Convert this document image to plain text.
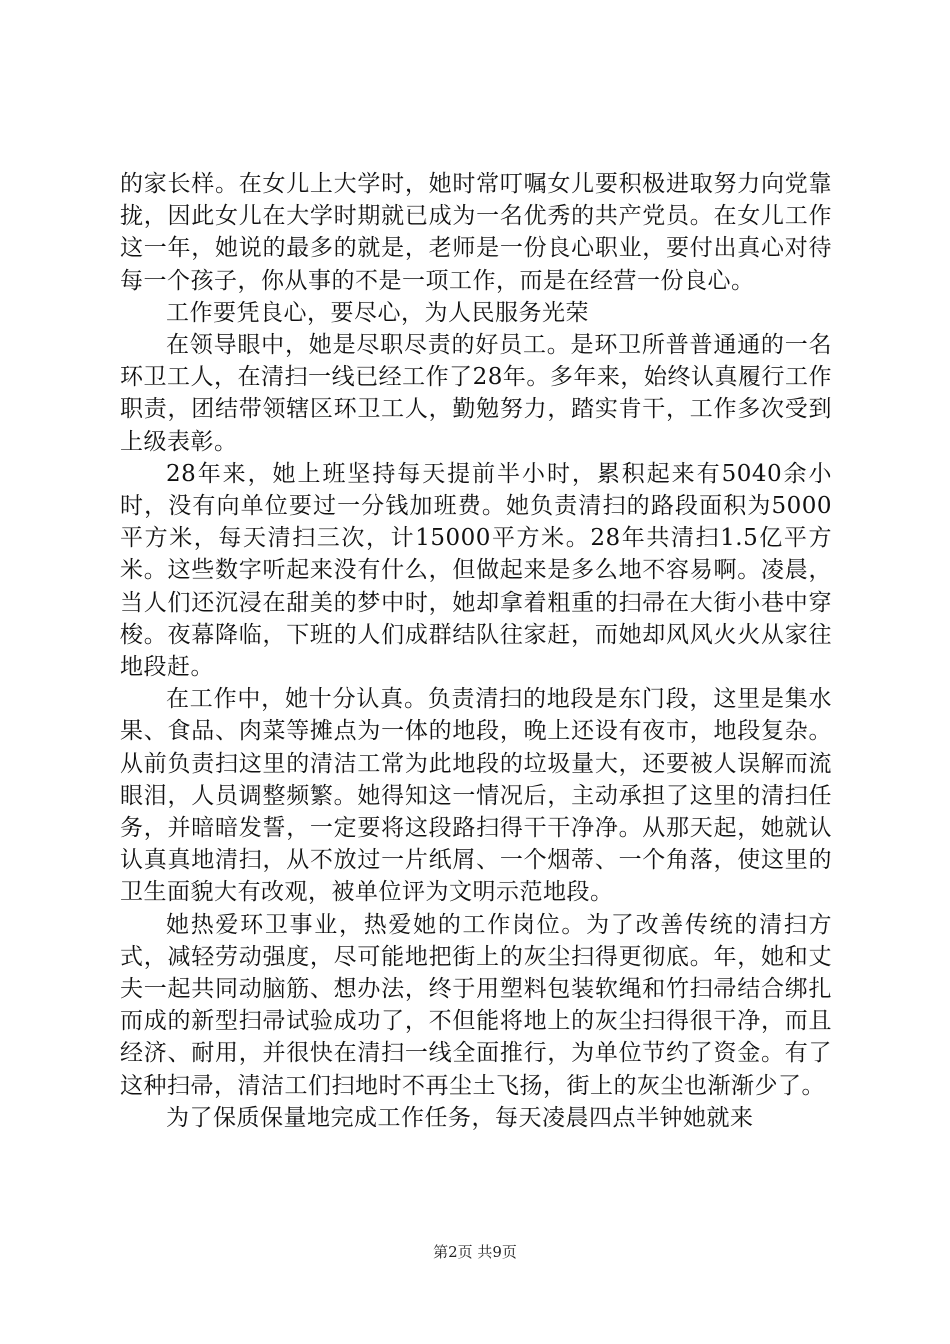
的家长样。在女儿上大学时，她时常叮嘱女儿要积极进取努力向党靠拢，因此女儿在大学时期就已成为一名优秀的共产党员。在女儿工作这一年，她说的最多的就是，老师是一份良心职业，要付出真心对待每一个孩子，你从事的不是一项工作，而是在经营一份良心。

工作要凭良心，要尽心，为人民服务光荣

在领导眼中，她是尽职尽责的好员工。是环卫所普普通通的一名环卫工人，在清扫一线已经工作了28年。多年来，始终认真履行工作职责，团结带领辖区环卫工人，勤勉努力，踏实肯干，工作多次受到上级表彰。

28年来，她上班坚持每天提前半小时，累积起来有5040余小时，没有向单位要过一分钱加班费。她负责清扫的路段面积为5000平方米，每天清扫三次，计15000平方米。28年共清扫1.5亿平方米。这些数字听起来没有什么，但做起来是多么地不容易啊。凌晨，当人们还沉浸在甜美的梦中时，她却拿着粗重的扫帚在大街小巷中穿梭。夜幕降临，下班的人们成群结队往家赶，而她却风风火火从家往地段赶。

在工作中，她十分认真。负责清扫的地段是东门段，这里是集水果、食品、肉菜等摊点为一体的地段，晚上还设有夜市，地段复杂。从前负责扫这里的清洁工常为此地段的垃圾量大，还要被人误解而流眼泪，人员调整频繁。她得知这一情况后，主动承担了这里的清扫任务，并暗暗发誓，一定要将这段路扫得干干净净。从那天起，她就认认真真地清扫，从不放过一片纸屑、一个烟蒂、一个角落，使这里的卫生面貌大有改观，被单位评为文明示范地段。

她热爱环卫事业，热爱她的工作岗位。为了改善传统的清扫方式，减轻劳动强度，尽可能地把街上的灰尘扫得更彻底。年，她和丈夫一起共同动脑筋、想办法，终于用塑料包装软绳和竹扫帚结合绑扎而成的新型扫帚试验成功了，不但能将地上的灰尘扫得很干净，而且经济、耐用，并很快在清扫一线全面推行，为单位节约了资金。有了这种扫帚，清洁工们扫地时不再尘土飞扬，街上的灰尘也渐渐少了。

为了保质保量地完成工作任务，每天凌晨四点半钟她就来

第2页 共9页
